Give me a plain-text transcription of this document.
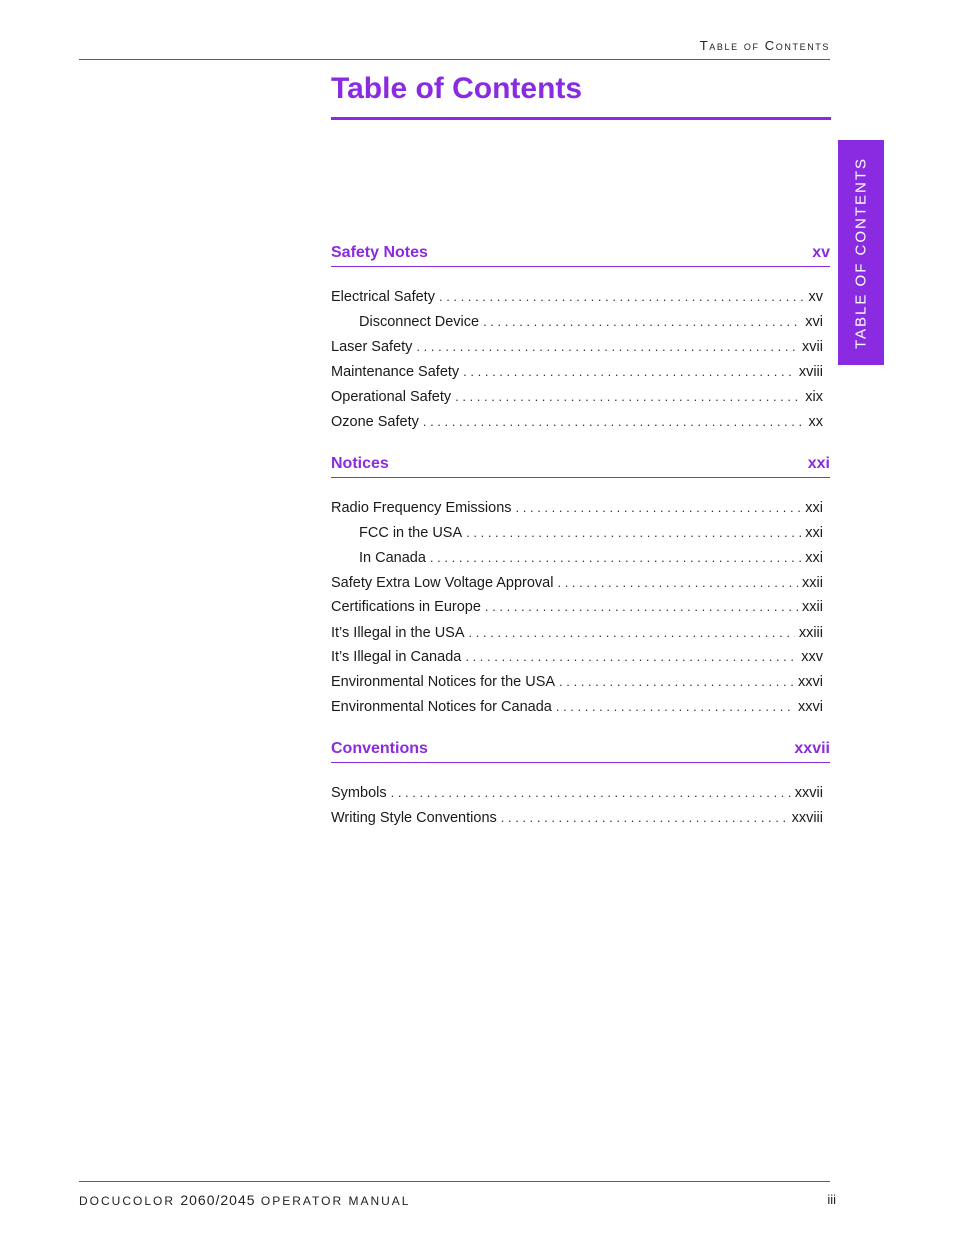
Table of Contents
Table of Contents
TABLE OF CONTENTS
Safety Notes	xv
Electrical Safety . . .	xv
Disconnect Device . . .	xvi
Laser Safety . . .	xvii
Maintenance Safety . . .	xviii
Operational Safety . . .	xix
Ozone Safety . . .	xx
Notices	xxi
Radio Frequency Emissions . . .	xxi
FCC in the USA . . .	xxi
In Canada . . .	xxi
Safety Extra Low Voltage Approval . . .	xxii
Certifications in Europe . . .	xxii
It’s Illegal in the USA . . .	xxiii
It’s Illegal in Canada . . .	xxv
Environmental Notices for the USA . . .	xxvi
Environmental Notices for Canada . . .	xxvi
Conventions	xxvii
Symbols . . .	xxvii
Writing Style Conventions . . .	xxviii
DOCUCOLOR 2060/2045 OPERATOR MANUAL	iii
